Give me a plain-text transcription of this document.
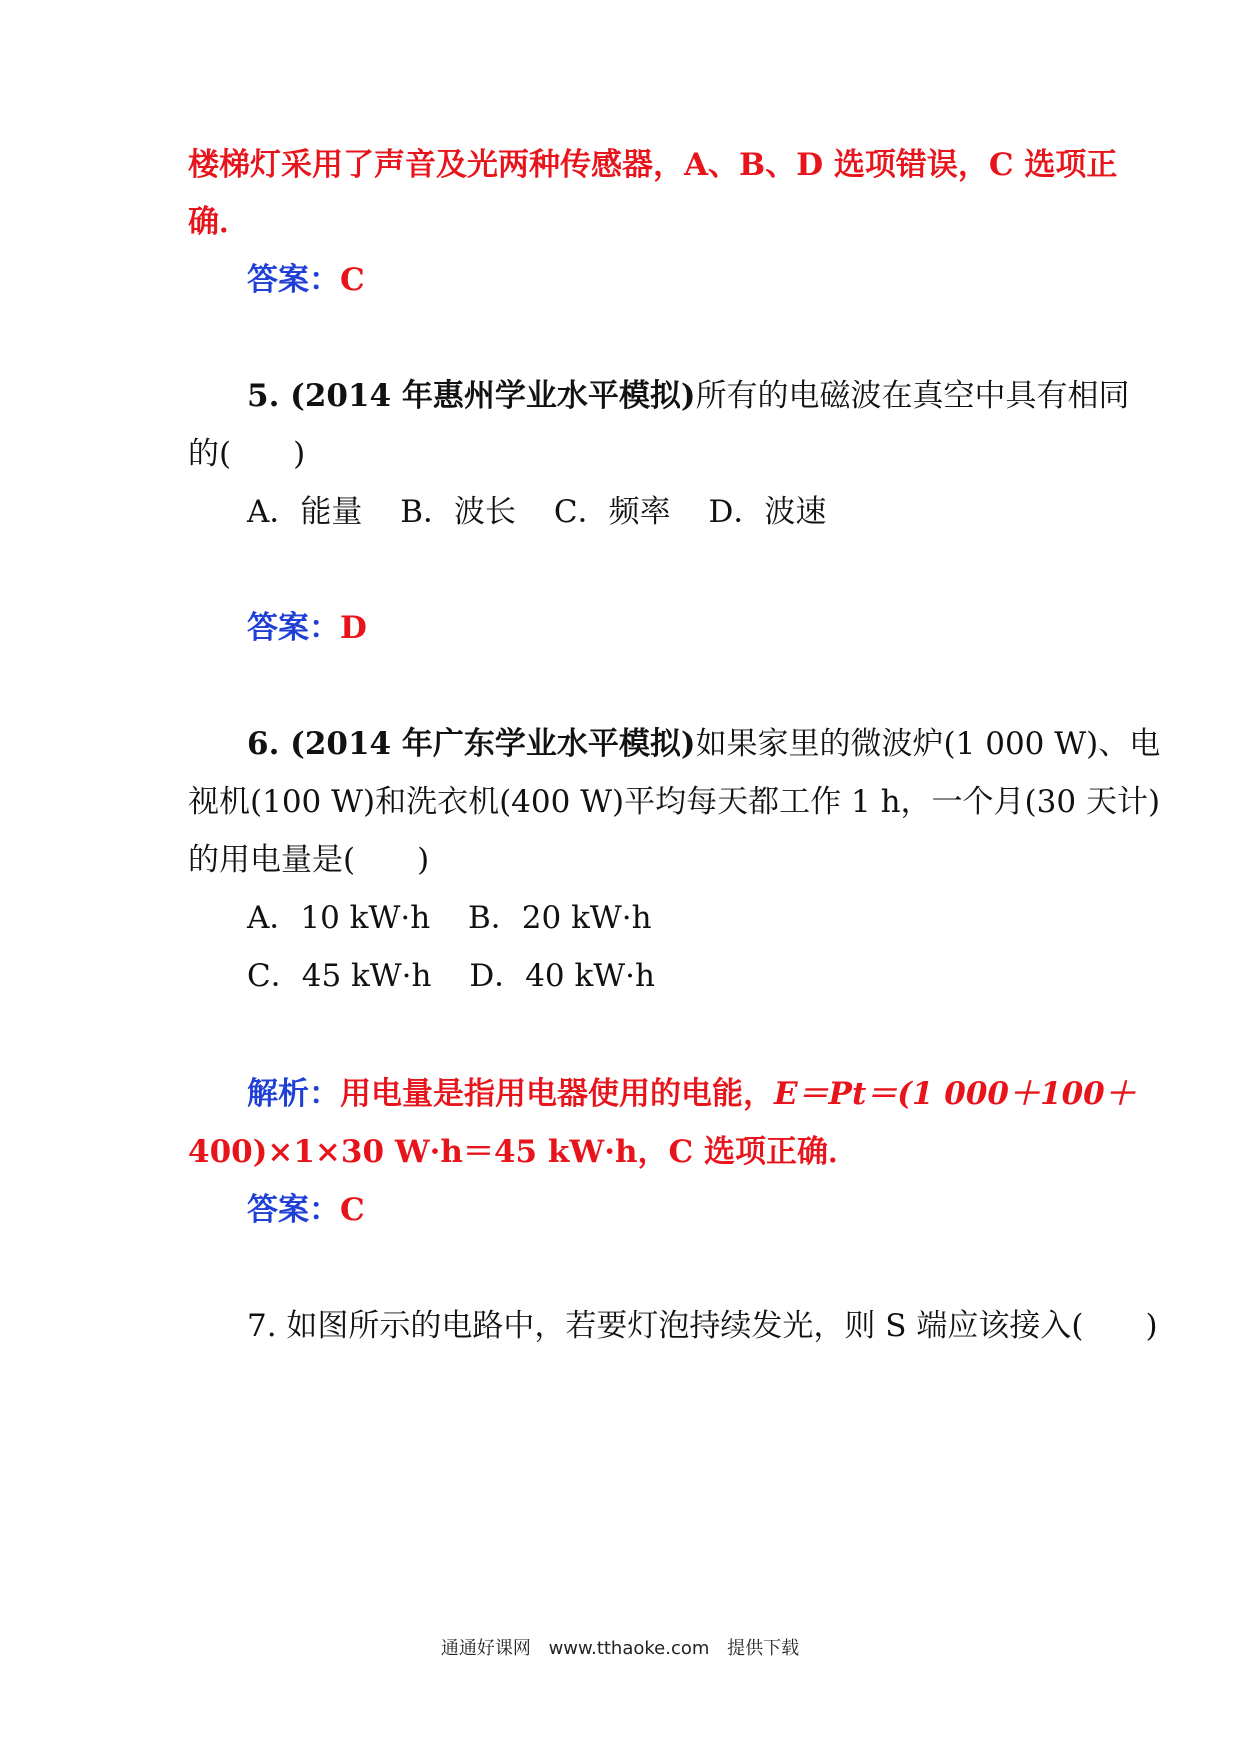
楼梯灯采用了声音及光两种传感器，A、B、D 选项错误，C 选项正
确．
答案：C
5. (2014 年惠州学业水平模拟)所有的电磁波在真空中具有相同
的(　　)
A．能量 B．波长 C．频率 D．波速
答案：D
6. (2014 年广东学业水平模拟)如果家里的微波炉(1 000 W)、电
视机(100 W)和洗衣机(400 W)平均每天都工作 1 h，一个月(30 天计)
的用电量是(　　)
A．10 kW·h B．20 kW·h
C．45 kW·h D．40 kW·h
解析：用电量是指用电器使用的电能，E＝Pt＝(1 000＋100＋
400)×1×30 W·h＝45 kW·h，C 选项正确．
答案：C
7. 如图所示的电路中，若要灯泡持续发光，则 S 端应该接入(　　)
通通好课网 www.tthaoke.com 提供下载
